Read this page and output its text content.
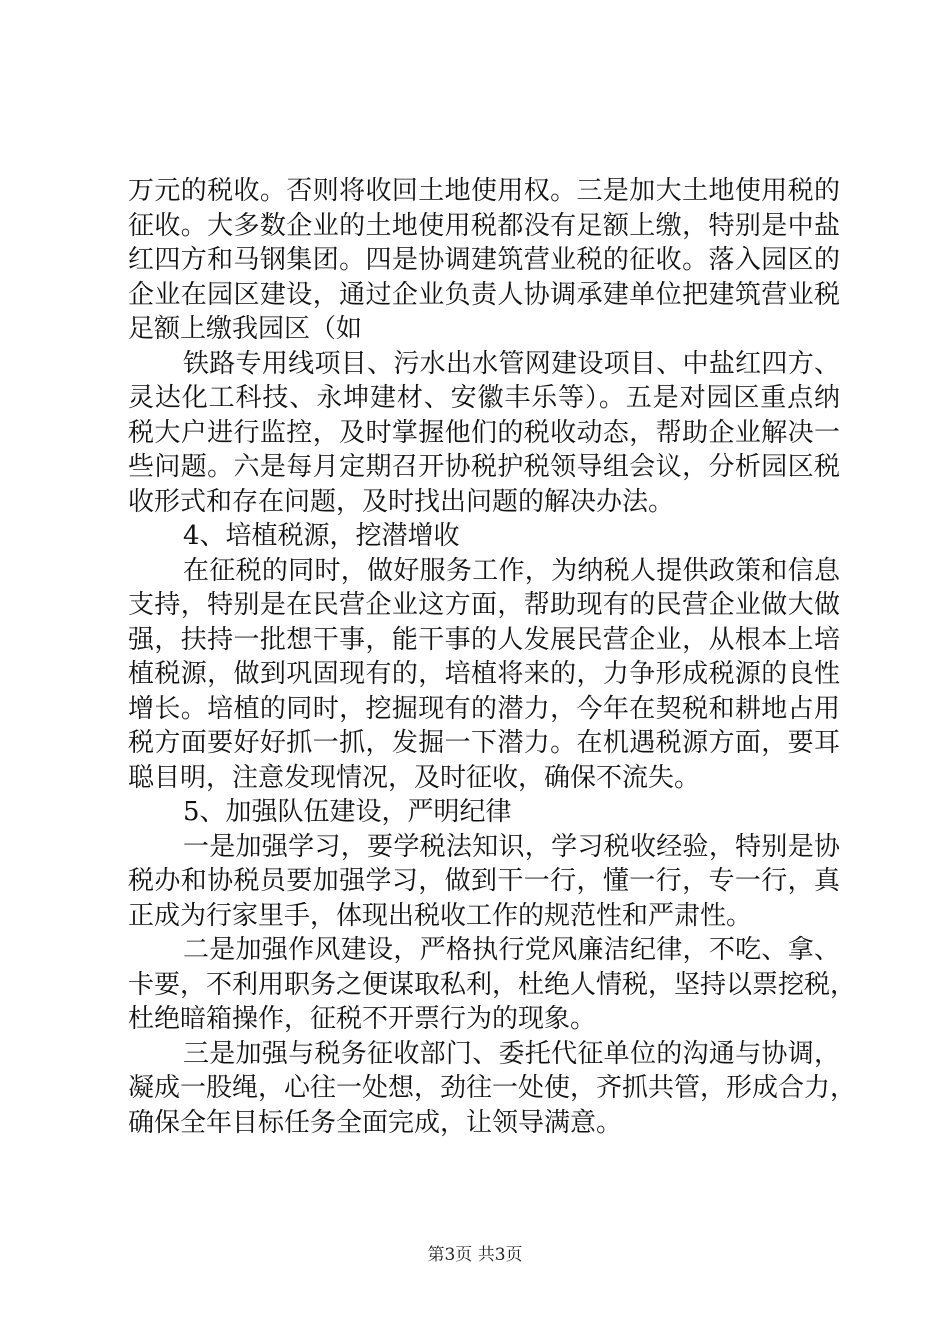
万元的税收。否则将收回土地使用权。三是加大土地使用税的
征收。大多数企业的土地使用税都没有足额上缴，特别是中盐
红四方和马钢集团。四是协调建筑营业税的征收。落入园区的
企业在园区建设，通过企业负责人协调承建单位把建筑营业税
足额上缴我园区（如
铁路专用线项目、污水出水管网建设项目、中盐红四方、
灵达化工科技、永坤建材、安徽丰乐等）。五是对园区重点纳
税大户进行监控，及时掌握他们的税收动态，帮助企业解决一
些问题。六是每月定期召开协税护税领导组会议，分析园区税
收形式和存在问题，及时找出问题的解决办法。
4、培植税源，挖潜增收
在征税的同时，做好服务工作，为纳税人提供政策和信息
支持，特别是在民营企业这方面，帮助现有的民营企业做大做
强，扶持一批想干事，能干事的人发展民营企业，从根本上培
植税源，做到巩固现有的，培植将来的，力争形成税源的良性
增长。培植的同时，挖掘现有的潜力，今年在契税和耕地占用
税方面要好好抓一抓，发掘一下潜力。在机遇税源方面，要耳
聪目明，注意发现情况，及时征收，确保不流失。
5、加强队伍建设，严明纪律
一是加强学习，要学税法知识，学习税收经验，特别是协
税办和协税员要加强学习，做到干一行，懂一行，专一行，真
正成为行家里手，体现出税收工作的规范性和严肃性。
二是加强作风建设，严格执行党风廉洁纪律，不吃、拿、
卡要，不利用职务之便谋取私利，杜绝人情税，坚持以票挖税，
杜绝暗箱操作，征税不开票行为的现象。
三是加强与税务征收部门、委托代征单位的沟通与协调，
凝成一股绳，心往一处想，劲往一处使，齐抓共管，形成合力，
确保全年目标任务全面完成，让领导满意。
第3页 共3页
